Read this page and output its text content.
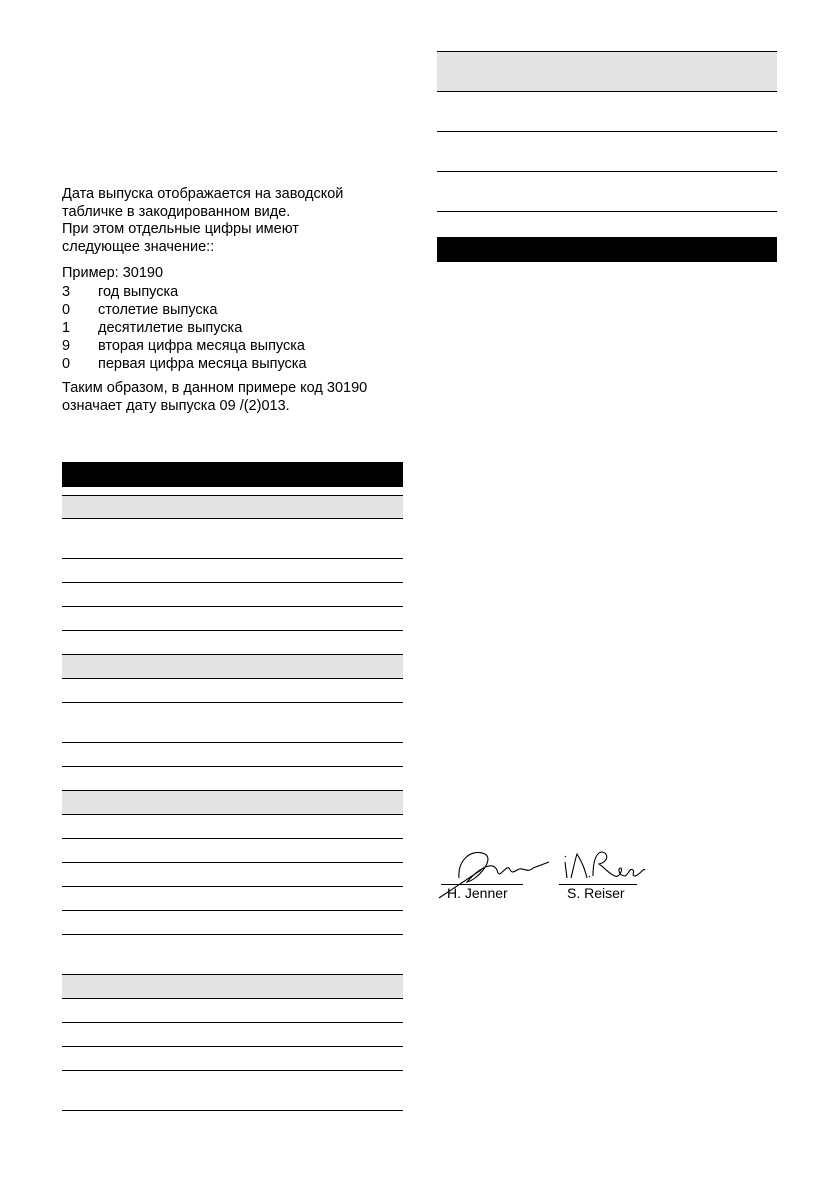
Дата выпуска отображается на заводской
табличке в закодированном виде.
При этом отдельные цифры имеют
следующее значение::
Пример: 30190
3	год выпуска
0	столетие выпуска
1	десятилетие выпуска
9	вторая цифра месяца выпуска
0	первая цифра месяца выпуска
Таким образом, в данном примере код 30190
означает дату выпуска 09 /(2)013.
H. Jenner	S. Reiser
